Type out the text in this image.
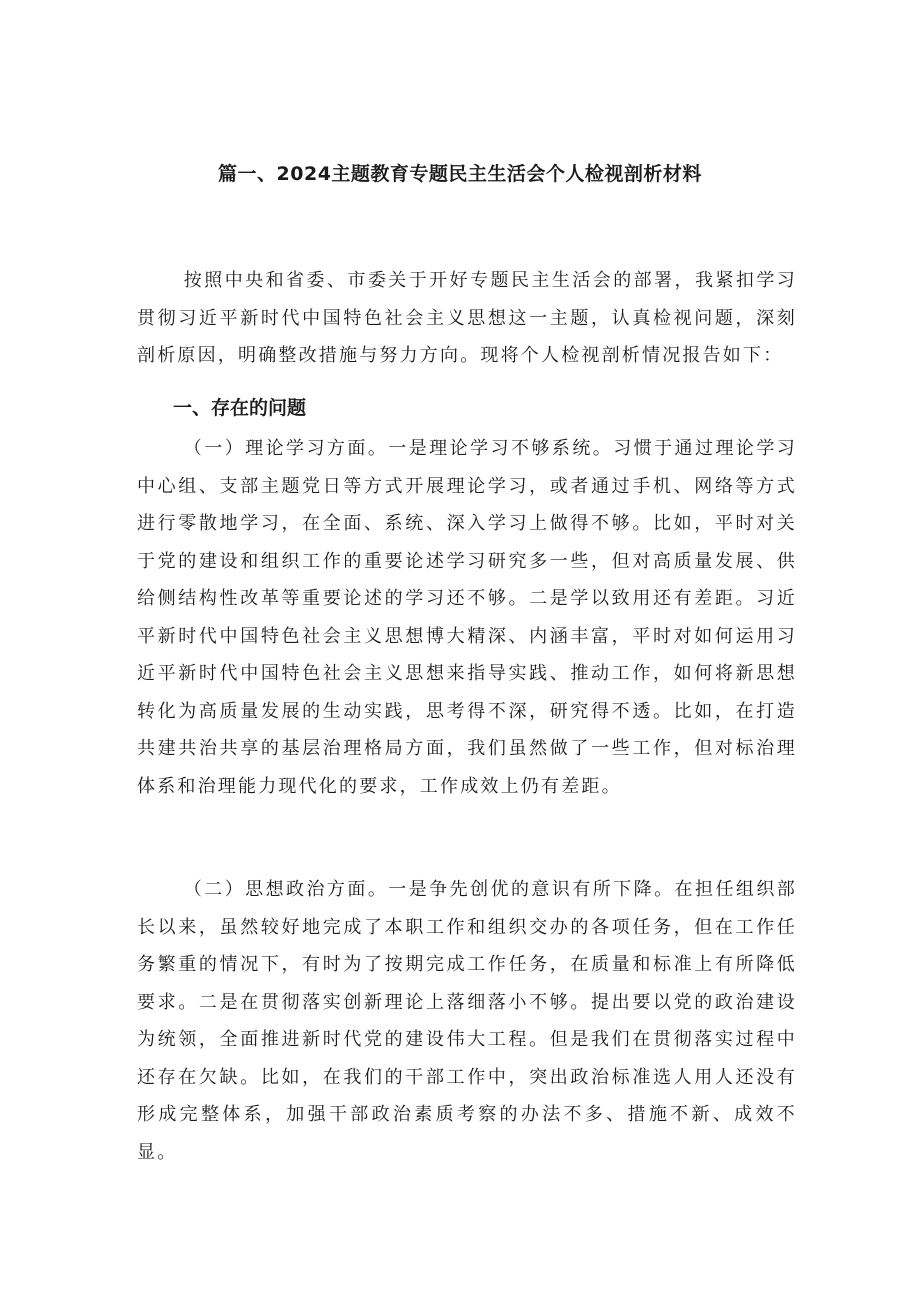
篇一、2024主题教育专题民主生活会个人检视剖析材料

按照中央和省委、市委关于开好专题民主生活会的部署，我紧扣学习贯彻习近平新时代中国特色社会主义思想这一主题，认真检视问题，深刻剖析原因，明确整改措施与努力方向。现将个人检视剖析情况报告如下：

一、存在的问题

（一）理论学习方面。一是理论学习不够系统。习惯于通过理论学习中心组、支部主题党日等方式开展理论学习，或者通过手机、网络等方式进行零散地学习，在全面、系统、深入学习上做得不够。比如，平时对关于党的建设和组织工作的重要论述学习研究多一些，但对高质量发展、供给侧结构性改革等重要论述的学习还不够。二是学以致用还有差距。习近平新时代中国特色社会主义思想博大精深、内涵丰富，平时对如何运用习近平新时代中国特色社会主义思想来指导实践、推动工作，如何将新思想转化为高质量发展的生动实践，思考得不深，研究得不透。比如，在打造共建共治共享的基层治理格局方面，我们虽然做了一些工作，但对标治理体系和治理能力现代化的要求，工作成效上仍有差距。

（二）思想政治方面。一是争先创优的意识有所下降。在担任组织部长以来，虽然较好地完成了本职工作和组织交办的各项任务，但在工作任务繁重的情况下，有时为了按期完成工作任务，在质量和标准上有所降低要求。二是在贯彻落实创新理论上落细落小不够。提出要以党的政治建设为统领，全面推进新时代党的建设伟大工程。但是我们在贯彻落实过程中还存在欠缺。比如，在我们的干部工作中，突出政治标准选人用人还没有形成完整体系，加强干部政治素质考察的办法不多、措施不新、成效不显。
